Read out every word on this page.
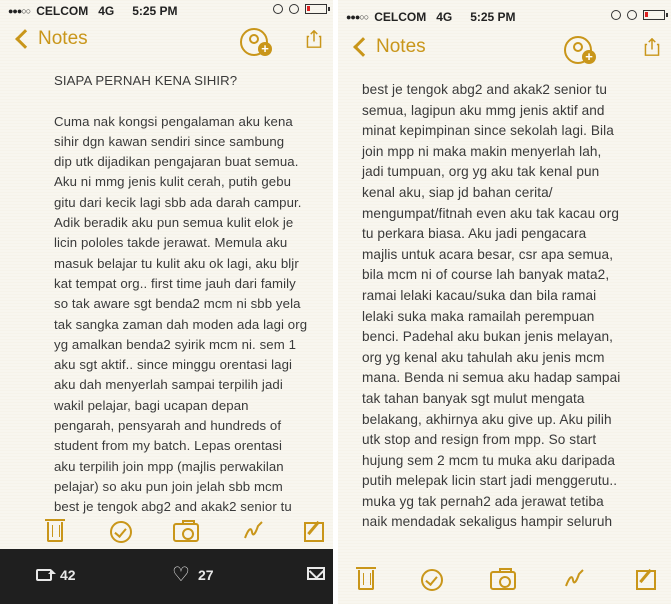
●●●○○ CELCOM 4G 5:25 PM
Notes	+

SIAPA PERNAH KENA SIHIR?

Cuma nak kongsi pengalaman aku kena

sihir dgn kawan sendiri since sambung

dip utk dijadikan pengajaran buat semua.

Aku ni mmg jenis kulit cerah, putih gebu

gitu dari kecik lagi sbb ada darah campur.

Adik beradik aku pun semua kulit elok je

licin pololes takde jerawat. Memula aku

masuk belajar tu kulit aku ok lagi, aku bljr

kat tempat org.. first time jauh dari family

so tak aware sgt benda2 mcm ni sbb yela

tak sangka zaman dah moden ada lagi org

yg amalkan benda2 syirik mcm ni. sem 1

aku sgt aktif.. since minggu orentasi lagi

aku dah menyerlah sampai terpilih jadi

wakil pelajar, bagi ucapan depan

pengarah, pensyarah and hundreds of

student from my batch. Lepas orentasi

aku terpilih join mpp (majlis perwakilan

pelajar) so aku pun join jelah sbb mcm

best je tengok abg2 and akak2 senior tu

42	♡ 27
●●●○○ CELCOM 4G 5:25 PM
Notes	+

best je tengok abg2 and akak2 senior tu

semua, lagipun aku mmg jenis aktif and

minat kepimpinan since sekolah lagi. Bila

join mpp ni maka makin menyerlah lah,

jadi tumpuan, org yg aku tak kenal pun

kenal aku, siap jd bahan cerita/

mengumpat/fitnah even aku tak kacau org

tu perkara biasa. Aku jadi pengacara

majlis untuk acara besar, csr apa semua,

bila mcm ni of course lah banyak mata2,

ramai lelaki kacau/suka dan bila ramai

lelaki suka maka ramailah perempuan

benci. Padehal aku bukan jenis melayan,

org yg kenal aku tahulah aku jenis mcm

mana. Benda ni semua aku hadap sampai

tak tahan banyak sgt mulut mengata

belakang, akhirnya aku give up. Aku pilih

utk stop and resign from mpp. So start

hujung sem 2 mcm tu muka aku daripada

putih melepak licin start jadi menggerutu..

muka yg tak pernah2 ada jerawat tetiba

naik mendadak sekaligus hampir seluruh
